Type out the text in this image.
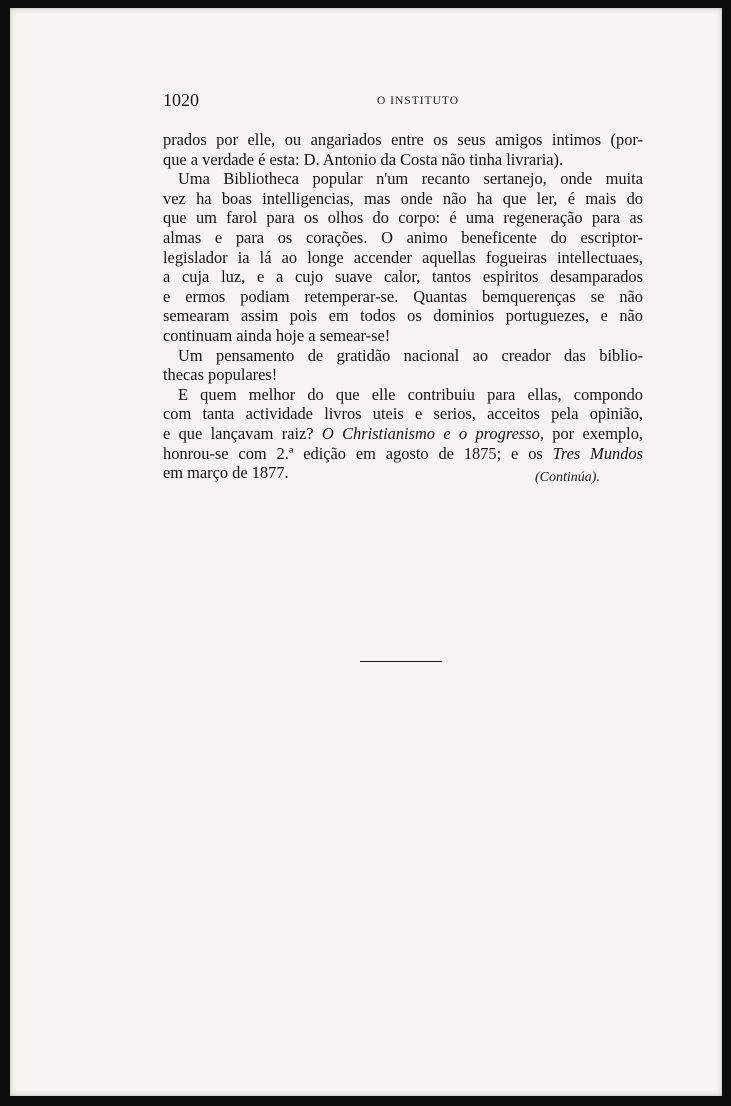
1020	O INSTITUTO

prados por elle, ou angariados entre os seus amigos intimos (por-
que a verdade é esta: D. Antonio da Costa não tinha livraria).

Uma Bibliotheca popular n'um recanto sertanejo, onde muita
vez ha boas intelligencias, mas onde não ha que ler, é mais do
que um farol para os olhos do corpo: é uma regeneração para as
almas e para os corações. O animo beneficente do escriptor-
legislador ia lá ao longe accender aquellas fogueiras intellectuaes,
a cuja luz, e a cujo suave calor, tantos espiritos desamparados
e ermos podiam retemperar-se. Quantas bemquerenças se não
semearam assim pois em todos os dominios portuguezes, e não
continuam ainda hoje a semear-se!

Um pensamento de gratidão nacional ao creador das biblio-
thecas populares!

E quem melhor do que elle contribuiu para ellas, compondo
com tanta actividade livros uteis e serios, acceitos pela opinião,
e que lançavam raiz? O Christianismo e o progresso, por exemplo,
honrou-se com 2.ª edição em agosto de 1875; e os Tres Mundos
em março de 1877.	(Continúa).
